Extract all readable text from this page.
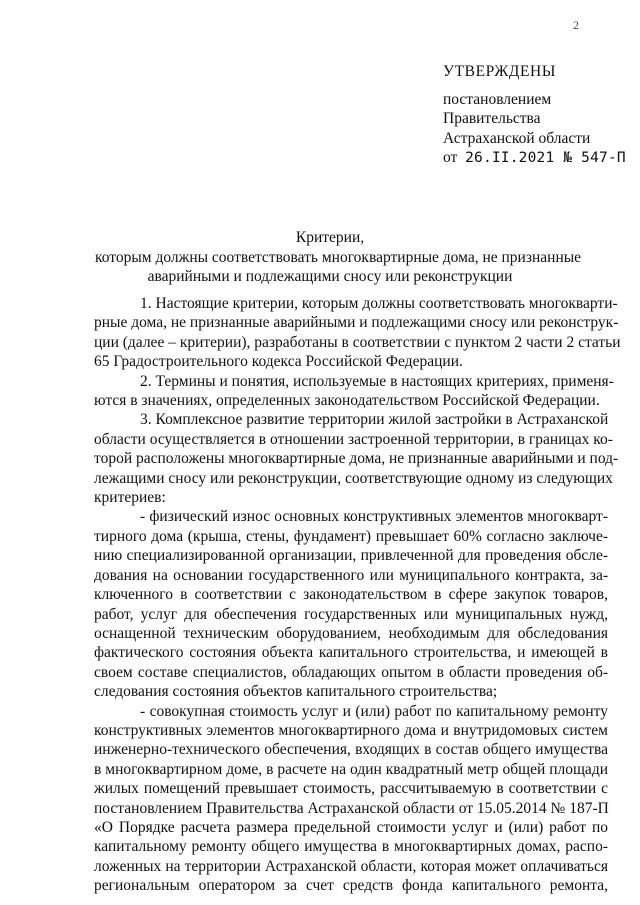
2
УТВЕРЖДЕНЫ
постановлением
Правительства
Астраханской области
от 26.II.2021 № 547-П
Критерии,
которым должны соответствовать многоквартирные дома, не признанные
аварийными и подлежащими сносу или реконструкции
1. Настоящие критерии, которым должны соответствовать многокварти-
рные дома, не признанные аварийными и подлежащими сносу или реконструк-
ции (далее – критерии), разработаны в соответствии с пунктом 2 части 2 статьи
65 Градостроительного кодекса Российской Федерации.
2. Термины и понятия, используемые в настоящих критериях, применя-
ются в значениях, определенных законодательством Российской Федерации.
3. Комплексное развитие территории жилой застройки в Астраханской
области осуществляется в отношении застроенной территории, в границах ко-
торой расположены многоквартирные дома, не признанные аварийными и под-
лежащими сносу или реконструкции, соответствующие одному из следующих
критериев:
- физический износ основных конструктивных элементов многокварт-
тирного дома (крыша, стены, фундамент) превышает 60% согласно заключе-
нию специализированной организации, привлеченной для проведения обсле-
дования на основании государственного или муниципального контракта, за-
ключенного в соответствии с законодательством в сфере закупок товаров,
работ, услуг для обеспечения государственных или муниципальных нужд,
оснащенной техническим оборудованием, необходимым для обследования
фактического состояния объекта капитального строительства, и имеющей в
своем составе специалистов, обладающих опытом в области проведения об-
следования состояния объектов капитального строительства;
- совокупная стоимость услуг и (или) работ по капитальному ремонту
конструктивных элементов многоквартирного дома и внутридомовых систем
инженерно-технического обеспечения, входящих в состав общего имущества
в многоквартирном доме, в расчете на один квадратный метр общей площади
жилых помещений превышает стоимость, рассчитываемую в соответствии с
постановлением Правительства Астраханской области от 15.05.2014 № 187-П
«О Порядке расчета размера предельной стоимости услуг и (или) работ по
капитальному ремонту общего имущества в многоквартирных домах, распо-
ложенных на территории Астраханской области, которая может оплачиваться
региональным оператором за счет средств фонда капитального ремонта,
